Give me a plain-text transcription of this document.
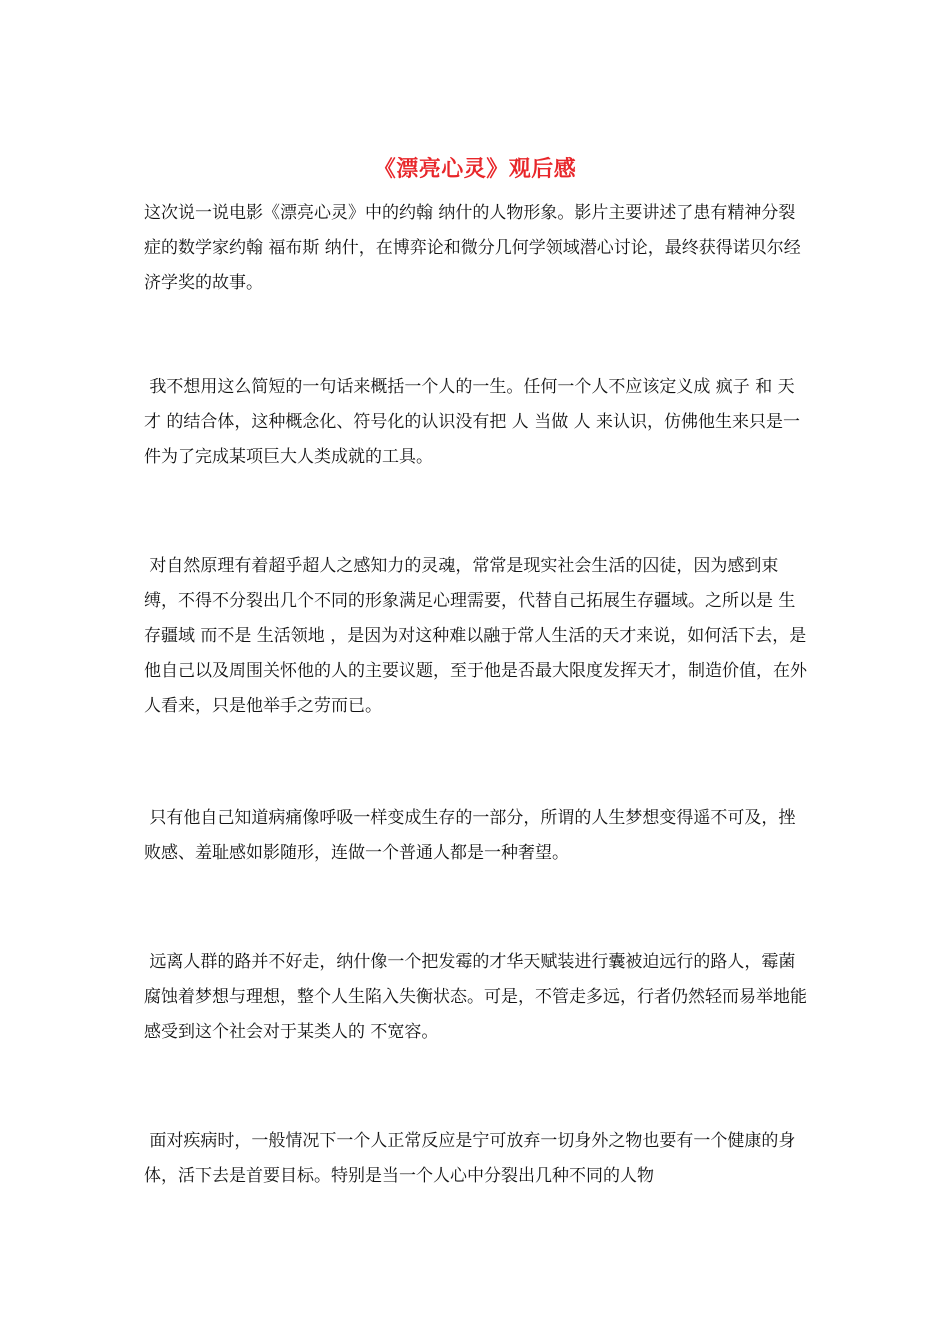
《漂亮心灵》观后感

这次说一说电影《漂亮心灵》中的约翰 纳什的人物形象。影片主要讲述了患有精神分裂症的数学家约翰 福布斯 纳什，在博弈论和微分几何学领域潜心讨论，最终获得诺贝尔经济学奖的故事。

我不想用这么简短的一句话来概括一个人的一生。任何一个人不应该定义成 疯子 和 天才 的结合体，这种概念化、符号化的认识没有把 人 当做 人 来认识，仿佛他生来只是一件为了完成某项巨大人类成就的工具。

对自然原理有着超乎超人之感知力的灵魂，常常是现实社会生活的囚徒，因为感到束缚，不得不分裂出几个不同的形象满足心理需要，代替自己拓展生存疆域。之所以是 生存疆域 而不是 生活领地 ，是因为对这种难以融于常人生活的天才来说，如何活下去，是他自己以及周围关怀他的人的主要议题，至于他是否最大限度发挥天才，制造价值，在外人看来，只是他举手之劳而已。

只有他自己知道病痛像呼吸一样变成生存的一部分，所谓的人生梦想变得遥不可及，挫败感、羞耻感如影随形，连做一个普通人都是一种奢望。

远离人群的路并不好走，纳什像一个把发霉的才华天赋装进行囊被迫远行的路人，霉菌腐蚀着梦想与理想，整个人生陷入失衡状态。可是，不管走多远，行者仍然轻而易举地能感受到这个社会对于某类人的 不宽容。

面对疾病时，一般情况下一个人正常反应是宁可放弃一切身外之物也要有一个健康的身体，活下去是首要目标。特别是当一个人心中分裂出几种不同的人物
